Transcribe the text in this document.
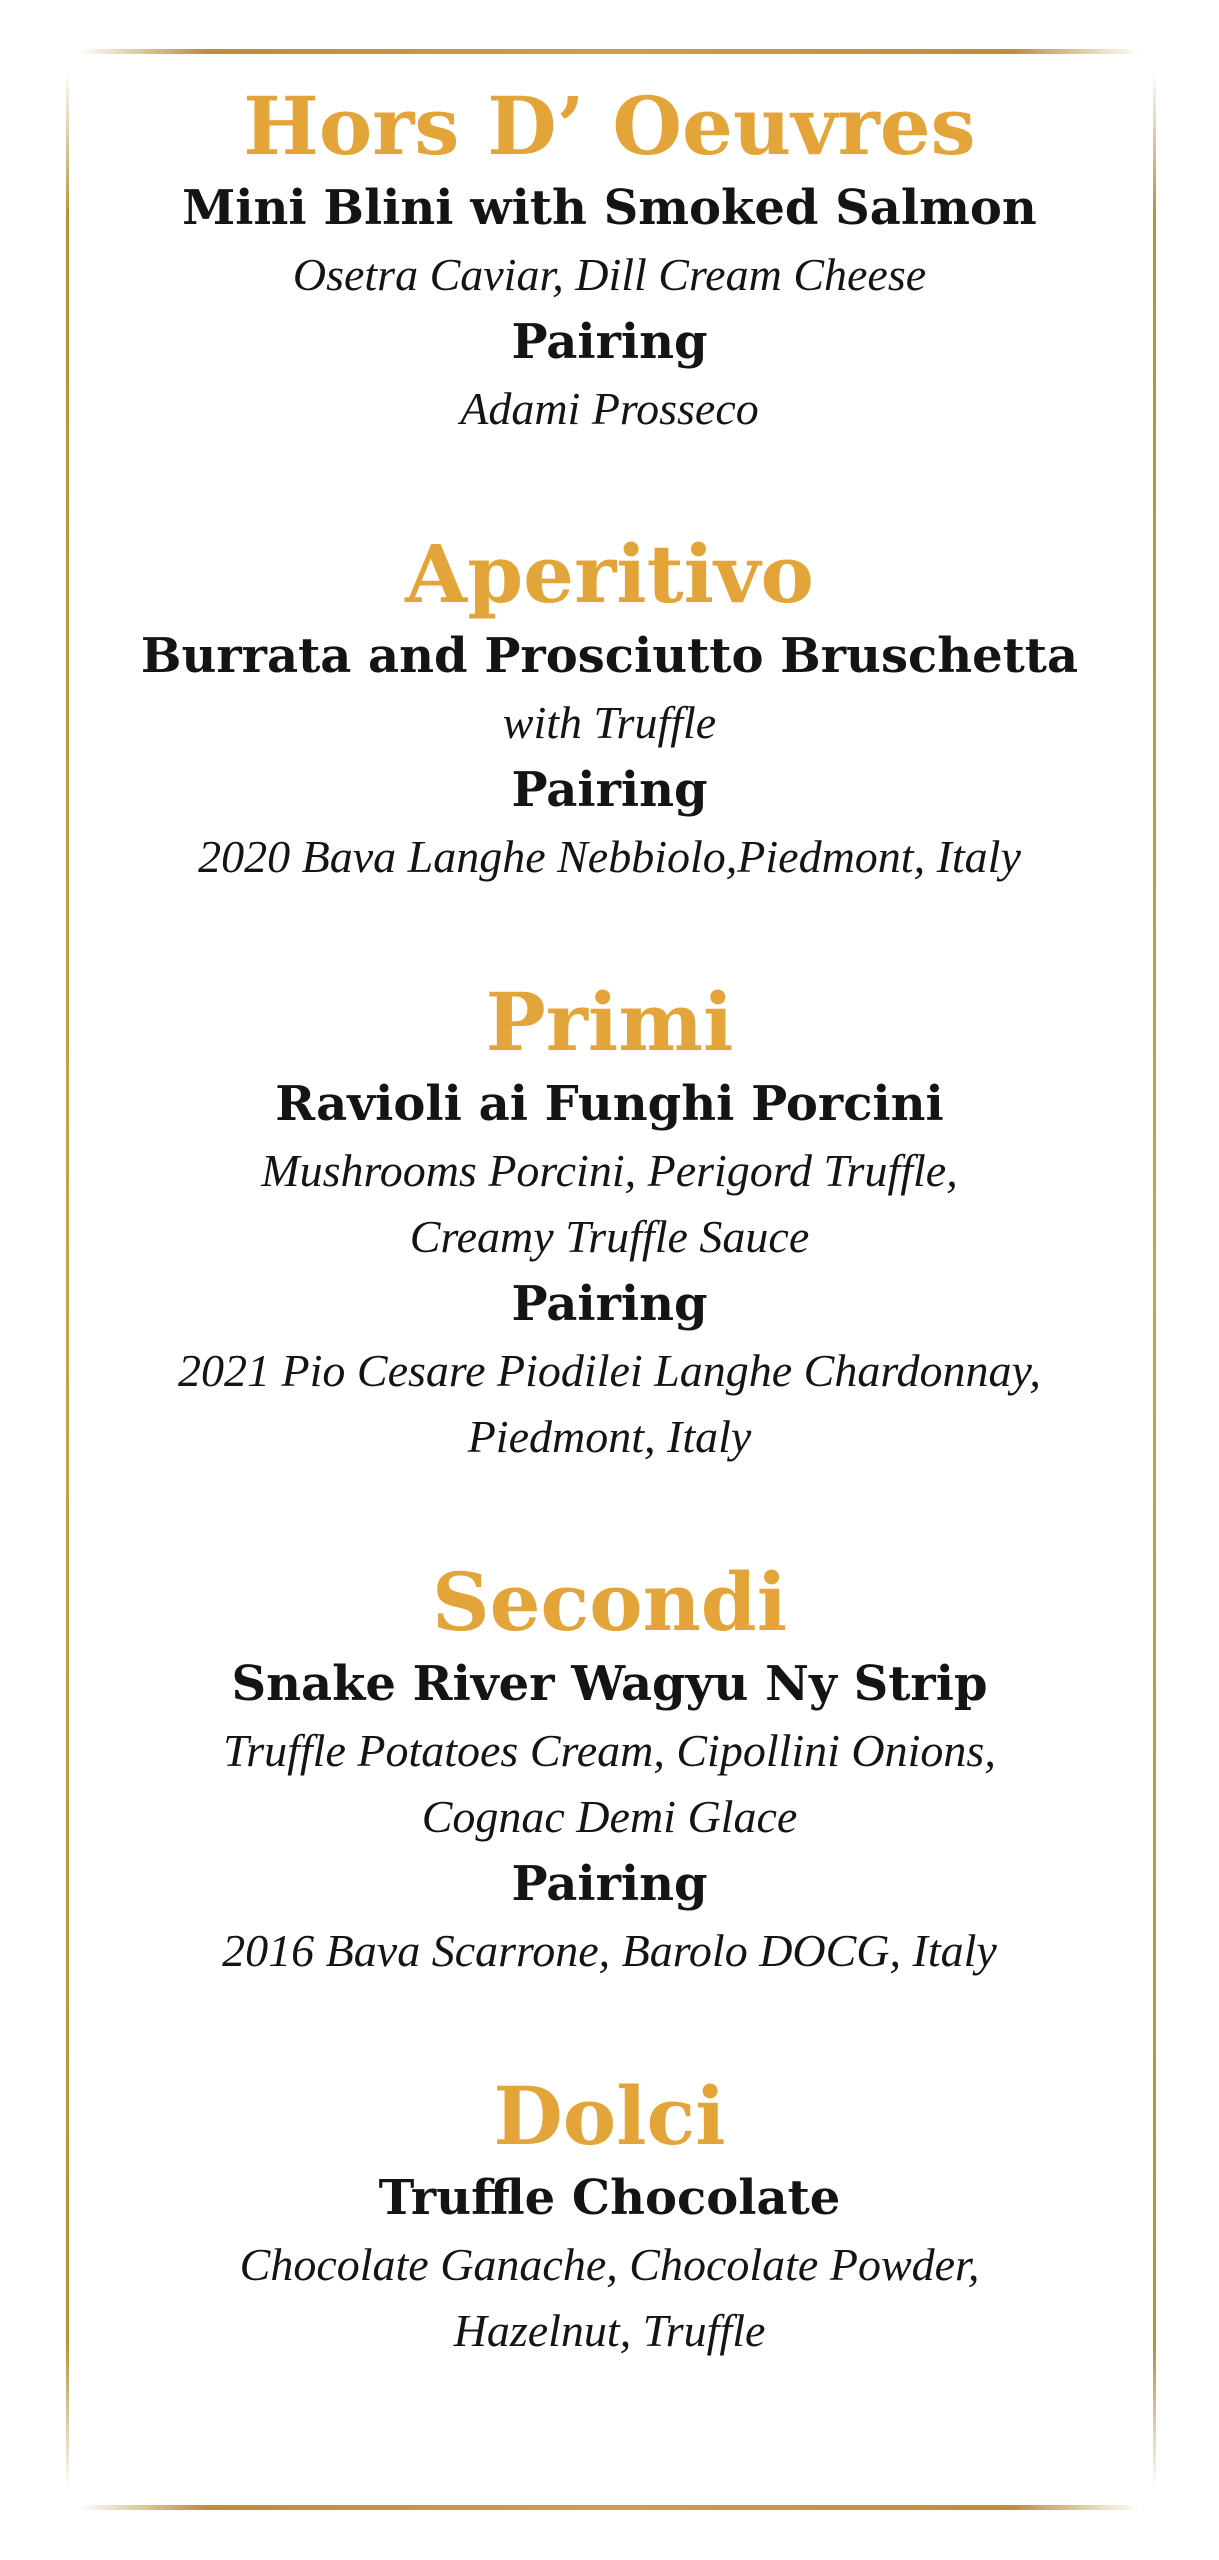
Hors D’ Oeuvres

Mini Blini with Smoked Salmon

Osetra Caviar, Dill Cream Cheese

Pairing

Adami Prosseco

Aperitivo

Burrata and Prosciutto Bruschetta

with Truffle

Pairing

2020 Bava Langhe Nebbiolo,Piedmont, Italy

Primi

Ravioli ai Funghi Porcini

Mushrooms Porcini, Perigord Truffle,

Creamy Truffle Sauce

Pairing

2021 Pio Cesare Piodilei Langhe Chardonnay,

Piedmont, Italy

Secondi

Snake River Wagyu Ny Strip

Truffle Potatoes Cream, Cipollini Onions,

Cognac Demi Glace

Pairing

2016 Bava Scarrone, Barolo DOCG, Italy

Dolci

Truffle Chocolate

Chocolate Ganache, Chocolate Powder,

Hazelnut, Truffle
